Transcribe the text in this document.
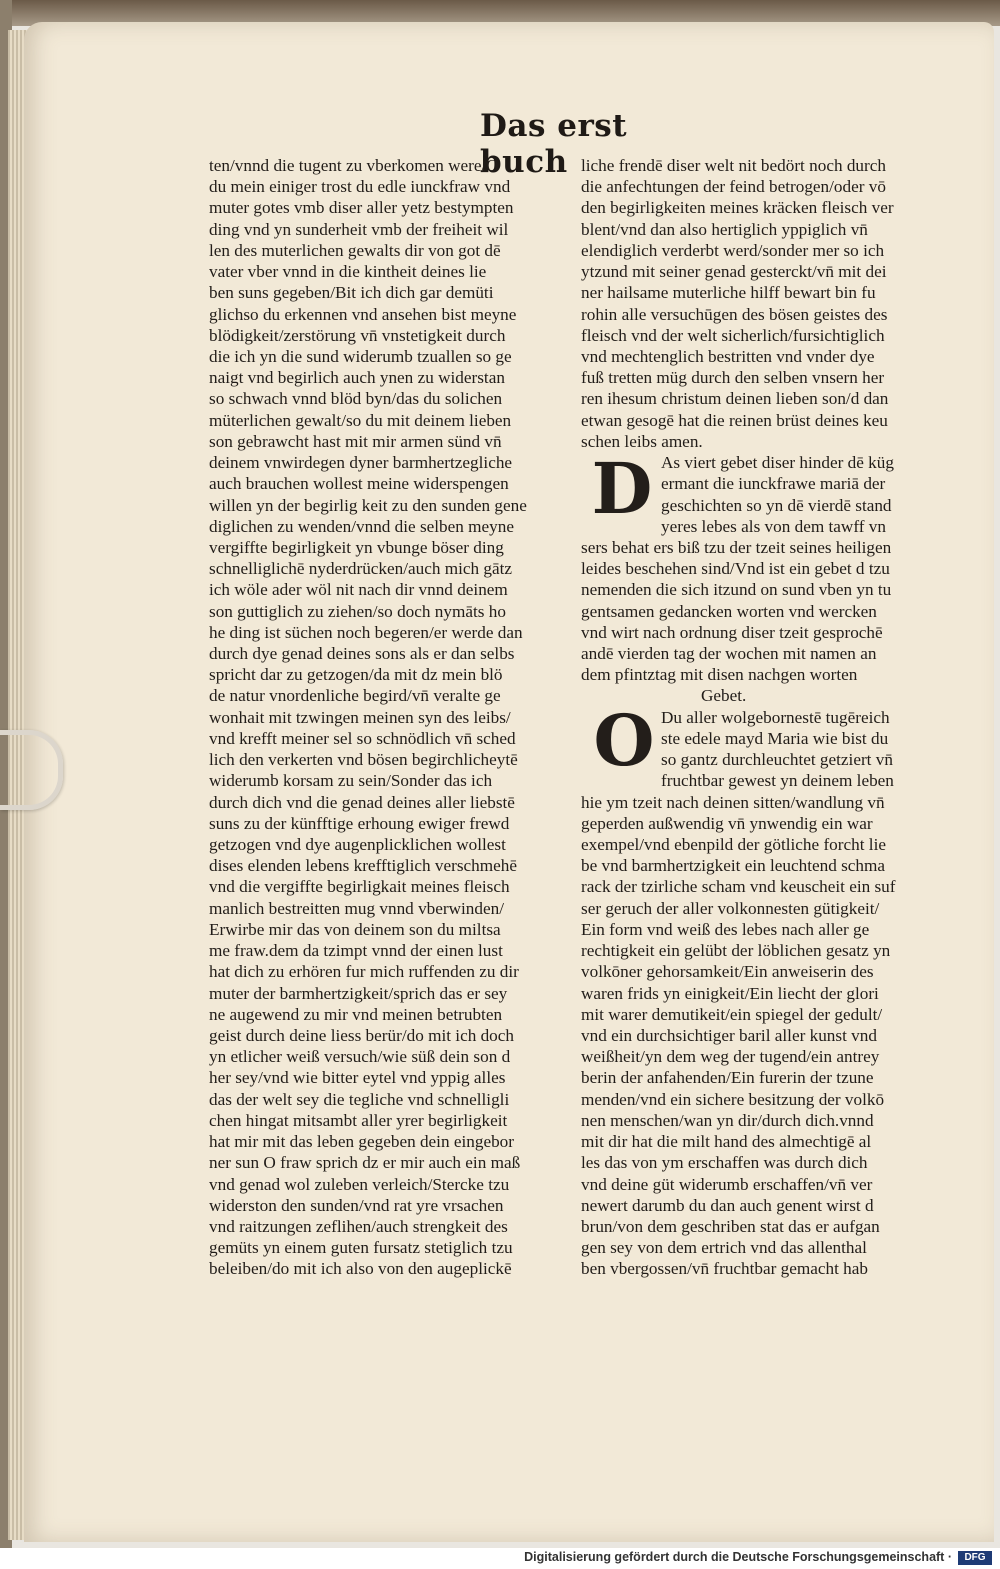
Das erst buch
ten/vnnd die tugent zu vberkomen were/O
du mein einiger trost du edle iunckfraw vnd
muter gotes vmb diser aller yetz bestympten
ding vnd yn sunderheit vmb der freiheit wil
len des muterlichen gewalts dir von got dē
vater vber vnnd in die kintheit deines lie
ben suns gegeben/Bit ich dich gar demüti
glichso du erkennen vnd ansehen bist meyne
blödigkeit/zerstörung vn̄ vnstetigkeit durch
die ich yn die sund widerumb tzuallen so ge
naigt vnd begirlich auch ynen zu widerstan
so schwach vnnd blöd byn/das du solichen
müterlichen gewalt/so du mit deinem lieben
son gebrawcht hast mit mir armen sünd vn̄
deinem vnwirdegen dyner barmhertzegliche
auch brauchen wollest meine widerspengen
willen yn der begirlig keit zu den sunden gene
diglichen zu wenden/vnnd die selben meyne
vergiffte begirligkeit yn vbunge böser ding
schnelliglichē nyderdrücken/auch mich gātz
ich wöle ader wöl nit nach dir vnnd deinem
son guttiglich zu ziehen/so doch nymāts ho
he ding ist süchen noch begeren/er werde dan
durch dye genad deines sons als er dan selbs
spricht dar zu getzogen/da mit dz mein blö
de natur vnordenliche begird/vn̄ veralte ge
wonhait mit tzwingen meinen syn des leibs/
vnd krefft meiner sel so schnödlich vn̄ sched
lich den verkerten vnd bösen begirchlicheytē
widerumb korsam zu sein/Sonder das ich
durch dich vnd die genad deines aller liebstē
suns zu der künfftige erhoung ewiger frewd
getzogen vnd dye augenplicklichen wollest
dises elenden lebens krefftiglich verschmehē
vnd die vergiffte begirligkait meines fleisch
manlich bestreitten mug vnnd vberwinden/
Erwirbe mir das von deinem son du miltsa
me fraw.dem da tzimpt vnnd der einen lust
hat dich zu erhören fur mich ruffenden zu dir
muter der barmhertzigkeit/sprich das er sey
ne augewend zu mir vnd meinen betrubten
geist durch deine liess berür/do mit ich doch
yn etlicher weiß versuch/wie süß dein son d
her sey/vnd wie bitter eytel vnd yppig alles
das der welt sey die tegliche vnd schnelligli
chen hingat mitsambt aller yrer begirligkeit
hat mir mit das leben gegeben dein eingebor
ner sun O fraw sprich dz er mir auch ein maß
vnd genad wol zuleben verleich/Stercke tzu
widerston den sunden/vnd rat yre vrsachen
vnd raitzungen zeflihen/auch strengkeit des
gemüts yn einem guten fursatz stetiglich tzu
beleiben/do mit ich also von den augeplickē
liche frendē diser welt nit bedört noch durch
die anfechtungen der feind betrogen/oder vō
den begirligkeiten meines kräcken fleisch ver
blent/vnd dan also hertiglich yppiglich vn̄
elendiglich verderbt werd/sonder mer so ich
ytzund mit seiner genad gesterckt/vn̄ mit dei
ner hailsame muterliche hilff bewart bin fu
rohin alle versuchūgen des bösen geistes des
fleisch vnd der welt sicherlich/fursichtiglich
vnd mechtenglich bestritten vnd vnder dye
fuß tretten müg durch den selben vnsern her
ren ihesum christum deinen lieben son/d dan
etwan gesogē hat die reinen brüst deines keu
schen leibs amen.
As viert gebet diser hinder dē küg
ermant die iunckfrawe mariā der
geschichten so yn dē vierdē stand
yeres lebes als von dem tawff vn
sers behat ers biß tzu der tzeit seines heiligen
leides beschehen sind/Vnd ist ein gebet d tzu
nemenden die sich itzund on sund vben yn tu
gentsamen gedancken worten vnd wercken
vnd wirt nach ordnung diser tzeit gesprochē
andē vierden tag der wochen mit namen an
dem pfintztag mit disen nachgen worten
Gebet.
Du aller wolgebornestē tugēreich
ste edele mayd Maria wie bist du
so gantz durchleuchtet getziert vn̄
fruchtbar gewest yn deinem leben
hie ym tzeit nach deinen sitten/wandlung vn̄
geperden außwendig vn̄ ynwendig ein war
exempel/vnd ebenpild der götliche forcht lie
be vnd barmhertzigkeit ein leuchtend schma
rack der tzirliche scham vnd keuscheit ein suf
ser geruch der aller volkonnesten gütigkeit/
Ein form vnd weiß des lebes nach aller ge
rechtigkeit ein gelübt der löblichen gesatz yn
volkōner gehorsamkeit/Ein anweiserin des
waren frids yn einigkeit/Ein liecht der glori
mit warer demutikeit/ein spiegel der gedult/
vnd ein durchsichtiger baril aller kunst vnd
weißheit/yn dem weg der tugend/ein antrey
berin der anfahenden/Ein furerin der tzune
menden/vnd ein sichere besitzung der volkō
nen menschen/wan yn dir/durch dich.vnnd
mit dir hat die milt hand des almechtigē al
les das von ym erschaffen was durch dich
vnd deine güt widerumb erschaffen/vn̄ ver
newert darumb du dan auch genent wirst d
brun/von dem geschriben stat das er aufgan
gen sey von dem ertrich vnd das allenthal
ben vbergossen/vn̄ fruchtbar gemacht hab
D
O
Digitalisierung gefördert durch die Deutsche Forschungsgemeinschaft ·	DFG
